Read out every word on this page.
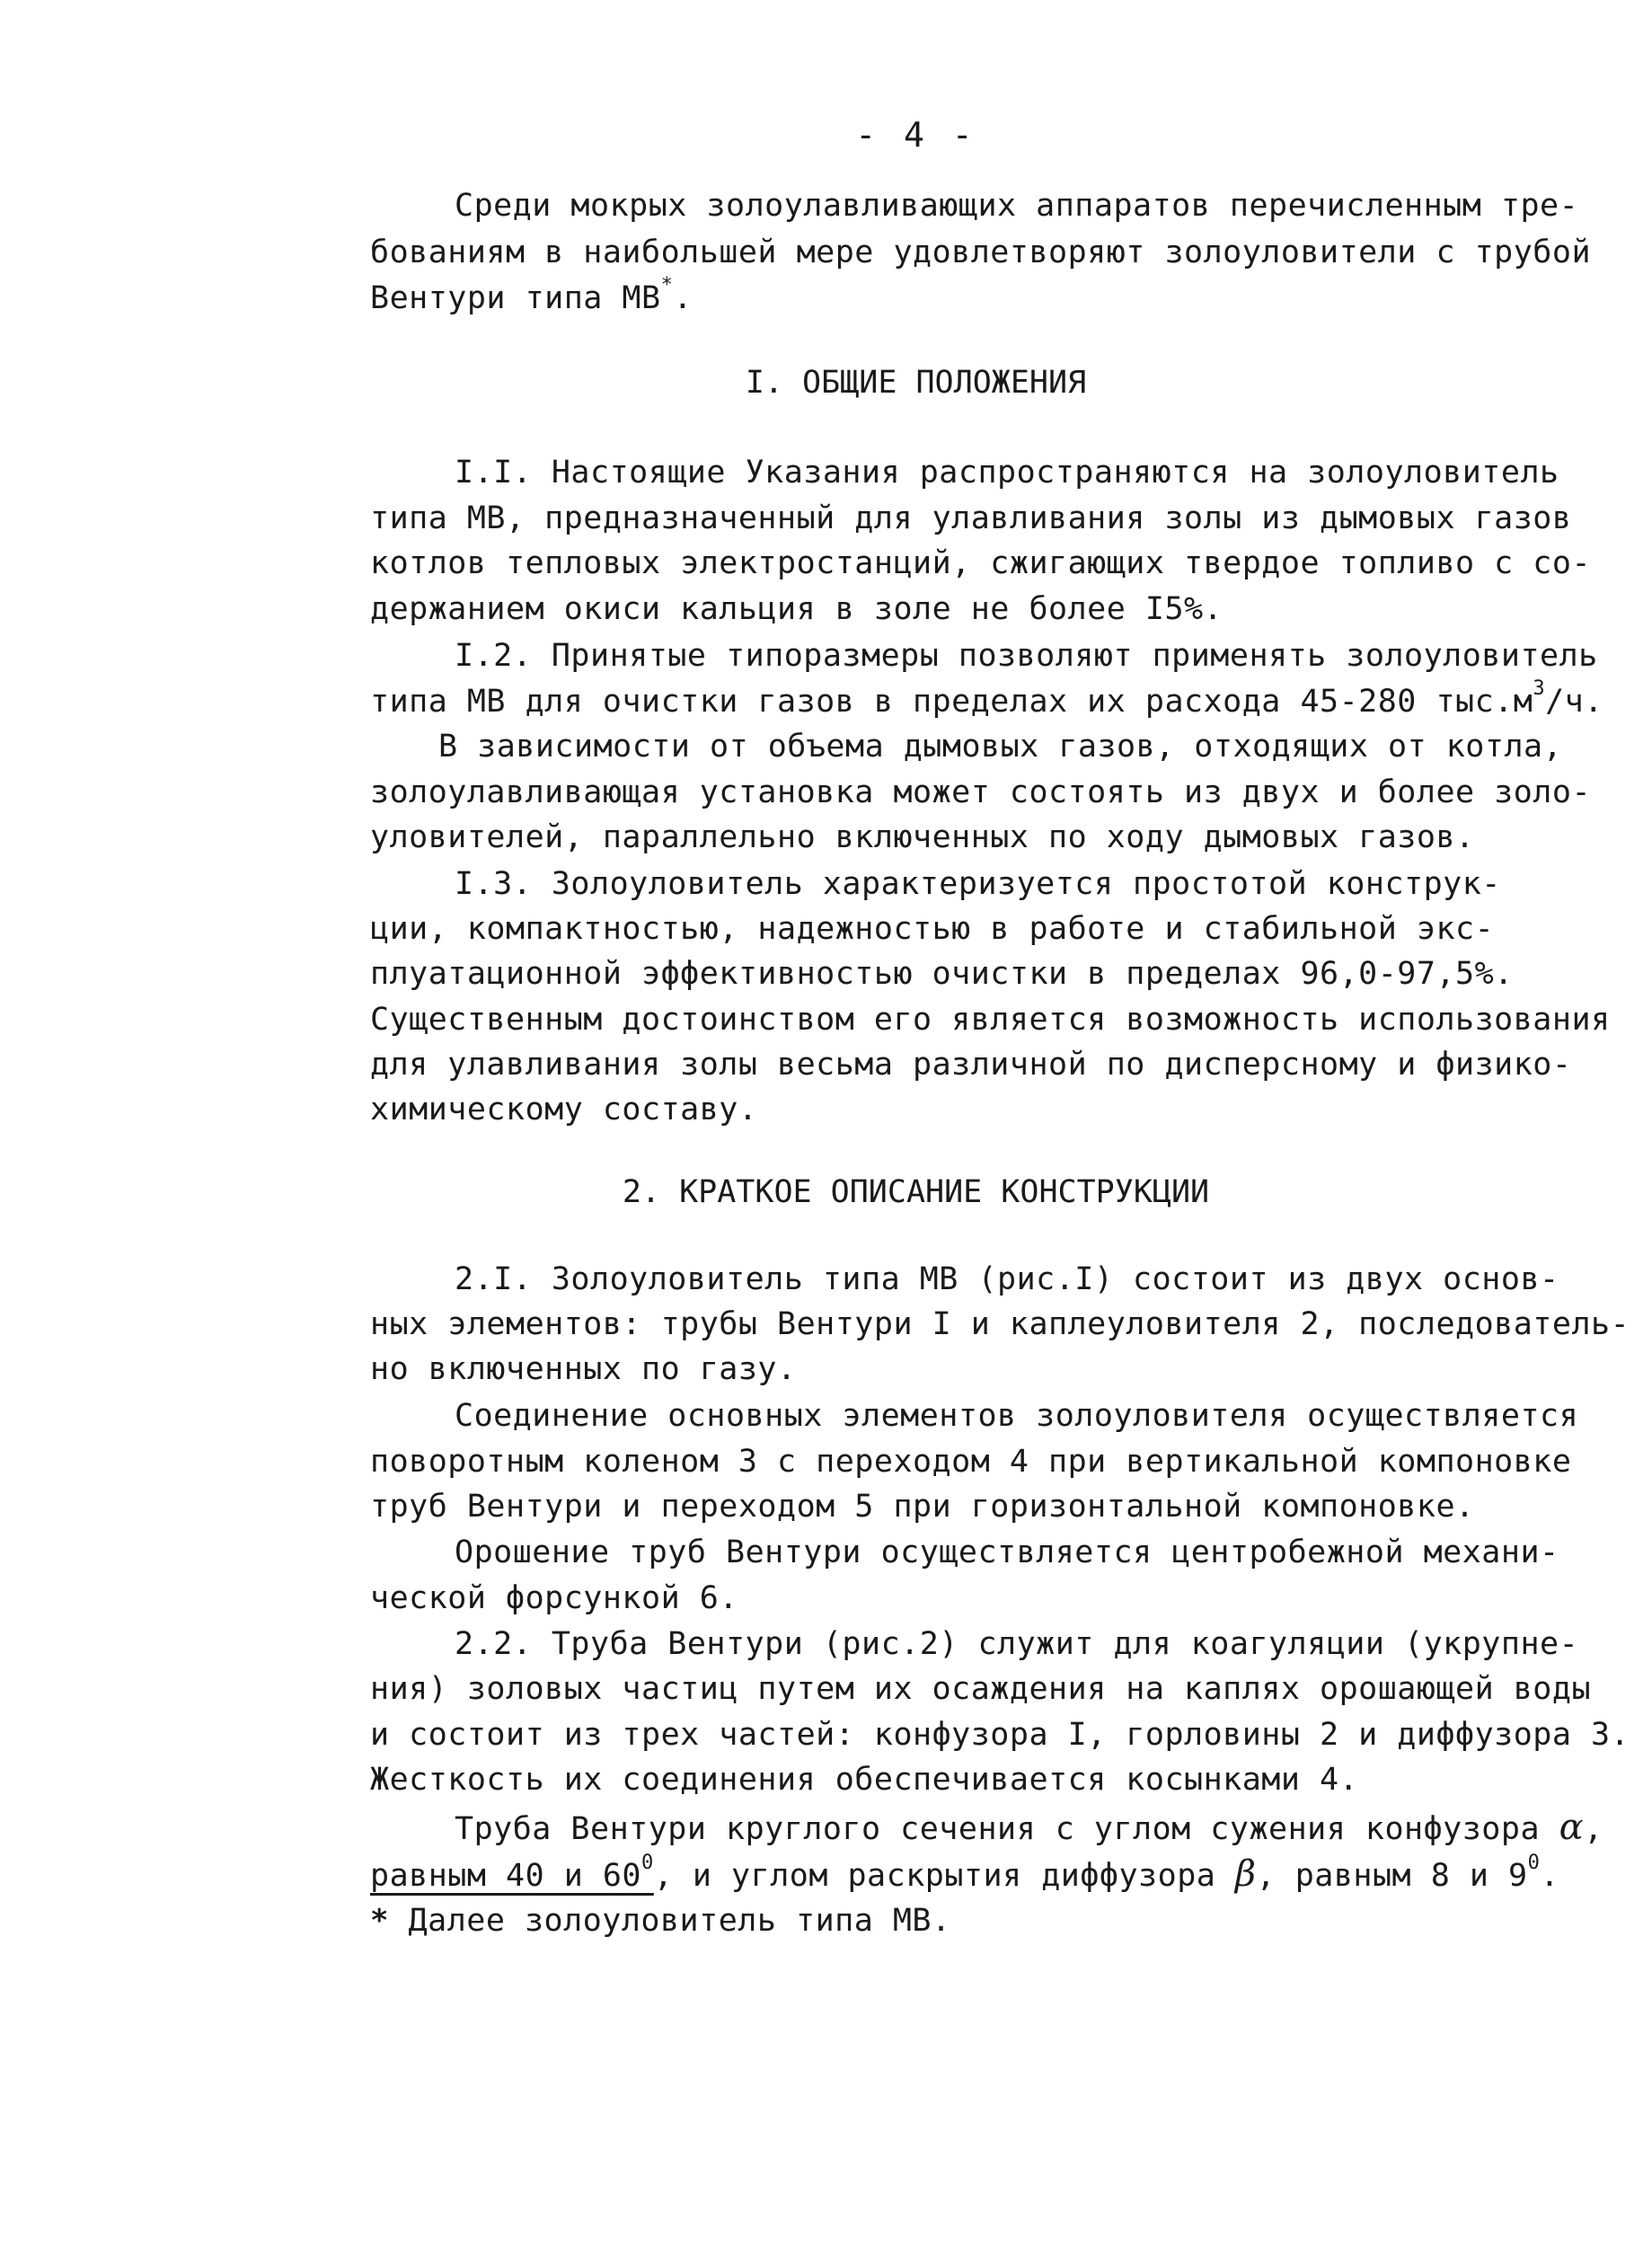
- 4 -
Среди мокрых золоулавливающих аппаратов перечисленным тре-
бованиям в наибольшей мере удовлетворяют золоуловители с трубой
Вентури типа МВ*.
I. ОБЩИЕ ПОЛОЖЕНИЯ
I.I. Настоящие Указания распространяются на золоуловитель
типа МВ, предназначенный для улавливания золы из дымовых газов
котлов тепловых электростанций, сжигающих твердое топливо с со-
держанием окиси кальция в золе не более I5%.
I.2. Принятые типоразмеры позволяют применять золоуловитель
типа МВ для очистки газов в пределах их расхода 45-280 $тыс.м^3/ч$.
В зависимости от объема дымовых газов, отходящих от котла,
золоулавливающая установка может состоять из двух и более золо-
уловителей, параллельно включенных по ходу дымовых газов.
I.3. Золоуловитель характеризуется простотой конструк-
ции, компактностью, надежностью в работе и стабильной экс-
плуатационной эффективностью очистки в пределах 96,0-97,5%.
Существенным достоинством его является возможность использования
для улавливания золы весьма различной по дисперсному и физико-
химическому составу.
2. КРАТКОЕ ОПИСАНИЕ КОНСТРУКЦИИ
2.I. Золоуловитель типа МВ (рис.I) состоит из двух основ-
ных элементов: трубы Вентури I и каплеуловителя 2, последователь-
но включенных по газу.
Соединение основных элементов золоуловителя осуществляется
поворотным коленом 3 с переходом 4 при вертикальной компоновке
труб Вентури и переходом 5 при горизонтальной компоновке.
Орошение труб Вентури осуществляется центробежной механи-
ческой форсункой 6.
2.2. Труба Вентури (рис.2) служит для коагуляции (укрупне-
ния) золовых частиц путем их осаждения на каплях орошающей воды
и состоит из трех частей: конфузора I, горловины 2 и диффузора 3.
Жесткость их соединения обеспечивается косынками 4.
Труба Вентури круглого сечения с углом сужения конфузора α,
равным 40 и $60^0$, и углом раскрытия диффузора β, равным 8 и $9^0$.
* Далее золоуловитель типа МВ.
